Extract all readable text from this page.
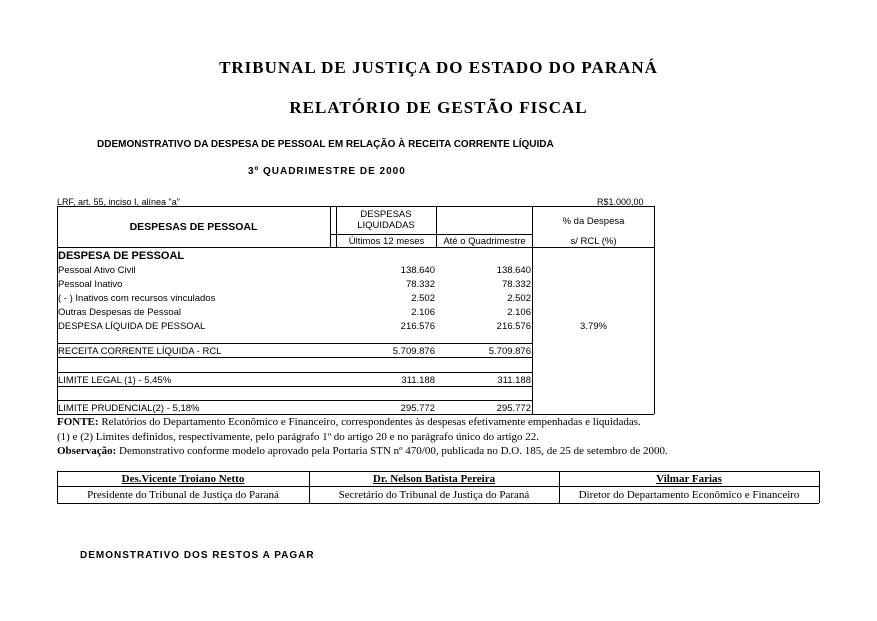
TRIBUNAL DE JUSTIÇA DO ESTADO DO PARANÁ
RELATÓRIO DE GESTÃO FISCAL
DDEMONSTRATIVO DA DESPESA DE PESSOAL EM RELAÇÃO À RECEITA CORRENTE LÍQUIDA
3º QUADRIMESTRE DE 2000
LRF, art. 55, inciso I, alínea "a"	R$1.000,00
DESPESAS DE PESSOAL
DESPESAS LIQUIDADAS
Últimos 12 meses	Até o Quadrimestre
% da Despesa
s/ RCL (%)
DESPESA DE PESSOAL
Pessoal Ativo Civil	138.640	138.640
Pessoal Inativo	78.332	78.332
( - ) Inativos com recursos vinculados	2.502	2.502
Outras Despesas de Pessoal	2.106	2.106
DESPESA LÍQUIDA DE PESSOAL	216.576	216.576	3.79%
RECEITA CORRENTE LÍQUIDA - RCL	5.709.876	5.709.876
LIMITE LEGAL (1) - 5,45%	311.188	311.188
LIMITE PRUDENCIAL(2) - 5,18%	295.772	295.772
FONTE: Relatórios do Departamento Econômico e Financeiro, correspondentes às despesas efetivamente empenhadas e liquidadas.
(1) e (2) Limites definidos, respectivamente, pelo parágrafo 1º do artigo 20 e no parágrafo único do artigo 22.
Observação: Demonstrativo conforme modelo aprovado pela Portaria STN nº 470/00, publicada no D.O. 185, de 25 de setembro de 2000.
Des.Vicente Troiano Netto	Dr. Nelson Batista Pereira	Vilmar Farias
Presidente do Tribunal de Justiça do Paraná	Secretário do Tribunal de Justiça do Paraná	Diretor do Departamento Econômico e Financeiro
DEMONSTRATIVO DOS RESTOS A PAGAR
